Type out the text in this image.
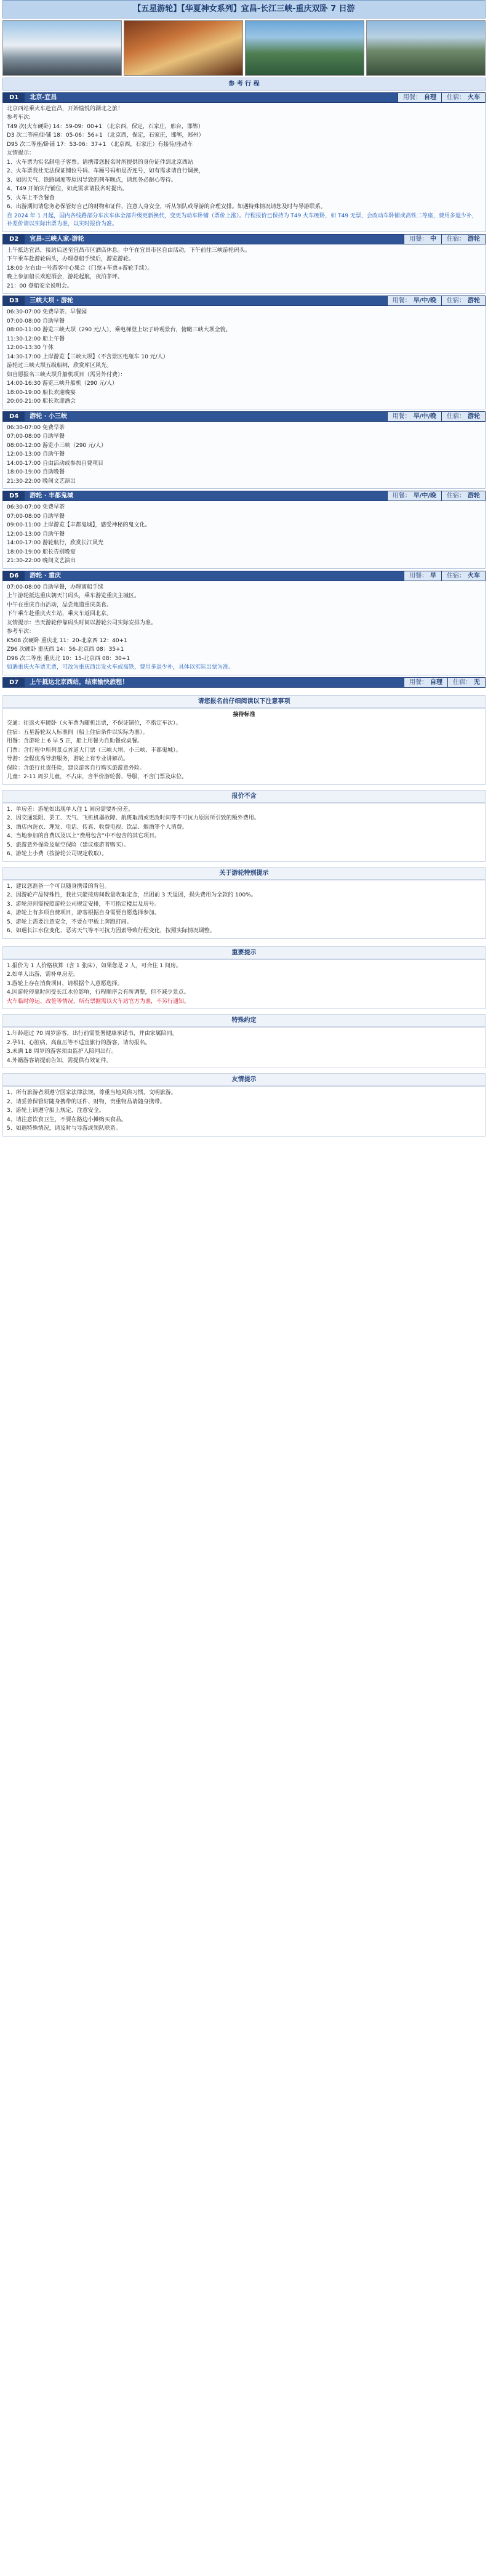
【五星游轮】【华夏神女系列】宜昌-长江三峡-重庆双卧 7 日游
参 考 行 程
D1	北京-宜昌	用餐： 自理 住宿： 火车
北京西站乘火车赴宜昌，开始愉悦的湖北之旅！
参考车次:
T49 次(火车硬卧) 14：59-09：00+1 （北京西，保定，石家庄，邢台，邯郸）
D3 次二等座/卧铺 18：05-06：56+1 （北京西，保定，石家庄，邯郸，郑州）
D95 次二等座/卧铺 17：53-06：37+1 （北京西，石家庄）有接待/座动车
友情提示：
1、火车票为实名制电子客票。请携带您报名时所提供的身份证件到北京西站
2、火车票我社无法保证铺位号码、车厢号码和是否连号，如有需求请自行调换，
3、如因天气、铁路调度等原因导致的列车晚点，请您务必耐心等待。
4、T49 开始实行铺位，如此需求请报名时提出。
5、火车上不含餐食
6、出游期间请您务必保管好自己的财物和证件，注意人身安全，听从领队或导游的合理安排。如遇特殊情况请您及时与导游联系。
自 2024 年 1 月起，国内各线路部分车次车体全部升级更新换代，变更为动车卧铺（票价上涨）。行程报价已保持为 T49 火车硬卧，如 T49 无票，会改动车卧铺或高铁二等座，费用多退少补，补差价请以实际出票为准，以实时报价为准。
D2	宜昌-三峡人家-游轮	用餐： 中 住宿： 游轮
上午抵达宜昌，接站后送至宜昌市区酒店休息。中午在宜昌市区自由活动，下午前往三峡游轮码头。
下午乘车赴游轮码头，办理登船手续后，游览游轮。
18:00 左右由一号游客中心集合（门票+车票+游轮手续）。
晚上参加船长欢迎酒会，游轮起航，夜泊茅坪。
21：00 登船安全说明会。
D3	三峡大坝 · 游轮	用餐： 早/中/晚 住宿： 游轮
06:30-07:00 免费早茶、早餐园
07:00-08:00 自助早餐
08:00-11:00 游览三峡大坝（290 元/人），乘电梯登上坛子岭观景台，俯瞰三峡大坝全貌。
11:30-12:00 船上午餐
12:00-13:30 午休
14:30-17:00 上岸游览【三峡大坝】（不含景区电瓶车 10 元/人）
游轮过三峡大坝五级船闸，欣赏库区风光。
如自愿报名三峡大坝升船机项目（需另外付费）：
14:00-16:30 游览三峡升船机（290 元/人）
18:00-19:00 船长欢迎晚宴
20:00-21:00 船长欢迎酒会
D4	游轮 · 小三峡	用餐： 早/中/晚 住宿： 游轮
06:30-07:00 免费早茶
07:00-08:00 自助早餐
08:00-12:00 游览小三峡（290 元/人）
12:00-13:00 自助午餐
14:00-17:00 自由活动或参加自费项目
18:00-19:00 自助晚餐
21:30-22:00 晚间文艺演出
D5	游轮 · 丰都鬼城	用餐： 早/中/晚 住宿： 游轮
06:30-07:00 免费早茶
07:00-08:00 自助早餐
09:00-11:00 上岸游览【丰都鬼城】，感受神秘的鬼文化。
12:00-13:00 自助午餐
14:00-17:00 游轮航行，欣赏长江风光
18:00-19:00 船长告别晚宴
21:30-22:00 晚间文艺演出
D6	游轮 · 重庆	用餐： 早 住宿： 火车
07:00-08:00 自助早餐，办理离船手续
上午游轮抵达重庆朝天门码头，乘车游览重庆主城区。
中午在重庆自由活动，品尝地道重庆美食。
下午乘车赴重庆火车站，乘火车返回北京。
友情提示：当天游轮停靠码头时间以游轮公司实际安排为准。
参考车次：
K508 次硬卧 重庆北 11：20-北京西 12：40+1
Z96 次硬卧 重庆西 14：56-北京西 08：35+1
D96 次二等座 重庆北 10：15-北京西 08：30+1
如遇重庆火车票无票，可改为重庆西出发火车或高铁，费用多退少补，具体以实际出票为准。
D7	上午抵达北京西站，结束愉快旅程！	用餐： 自理 住宿： 无
请您报名前仔细阅读以下注意事项
接待标准
交通：往返火车硬卧（火车票为随机出票，不保证铺位，不指定车次）。
住宿：五星游轮双人标准间（船上住宿条件以实际为准）。
用餐：含游轮上 6 早 5 正，船上用餐为自助餐或桌餐。
门票：含行程中所列景点首道大门票（三峡大坝、小三峡、丰都鬼城）。
导游：全程优秀导游服务，游轮上有专业讲解员。
保险：含旅行社责任险，建议游客自行购买旅游意外险。
儿童：2-11 周岁儿童，不占床，含半价游轮餐、导服，不含门票及床位。
报价不含
1、单房差：游轮如出现单人住 1 间房需要补房差。
2、因交通延阻、罢工、天气、飞机机器故障、航班取消或更改时间等不可抗力原因所引致的额外费用。
3、酒店内洗衣、理发、电话、传真、收费电视、饮品、烟酒等个人消费。
4、当地参加的自费以及以上“费用包含”中不包含的其它项目。
5、旅游意外保险及航空保险（建议旅游者购买）。
6、游轮上小费（按游轮公司规定收取）。
关于游轮特别提示
1、建议您准备一个可以随身携带的背包。
2、因游轮产品特殊性，我社只能按房间数量收取定金，出团前 3 天退团，损失费用为全款的 100%。
3、游轮房间需按照游轮公司规定安排，不可指定楼层及房号。
4、游轮上有多项自费项目，游客根据自身需要自愿选择参加。
5、游轮上需要注意安全，不要在甲板上奔跑打闹。
6、如遇长江水位变化、恶劣天气等不可抗力因素导致行程变化，按照实际情况调整。
重要提示
1.报价为 1 人价格核算（含 1 张床），如果您是 2 人，可合住 1 间房。
2.如单人出游，需补单房差。
3.游轮上存在消费项目，请根据个人意愿选择。
4.因游轮停靠时间受长江水位影响，行程顺序会有所调整，但不减少景点。
火车临时停运、改签等情况，所有票据需以火车站官方为准，不另行通知。
特殊约定
1.年龄超过 70 周岁游客，出行前需签署健康承诺书，并由家属陪同。
2.孕妇、心脏病、高血压等不适宜旅行的游客，请勿报名。
3.未满 18 周岁的游客须由监护人陪同出行。
4.外籍游客请提前告知，需提供有效证件。
友情提示
1、所有旅游者须遵守国家法律法规，尊重当地风俗习惯，文明旅游。
2、请妥善保管好随身携带的证件、财物，贵重物品请随身携带。
3、游轮上请遵守船上规定，注意安全。
4、请注意饮食卫生，不要在路边小摊购买食品。
5、如遇特殊情况，请及时与导游或领队联系。
